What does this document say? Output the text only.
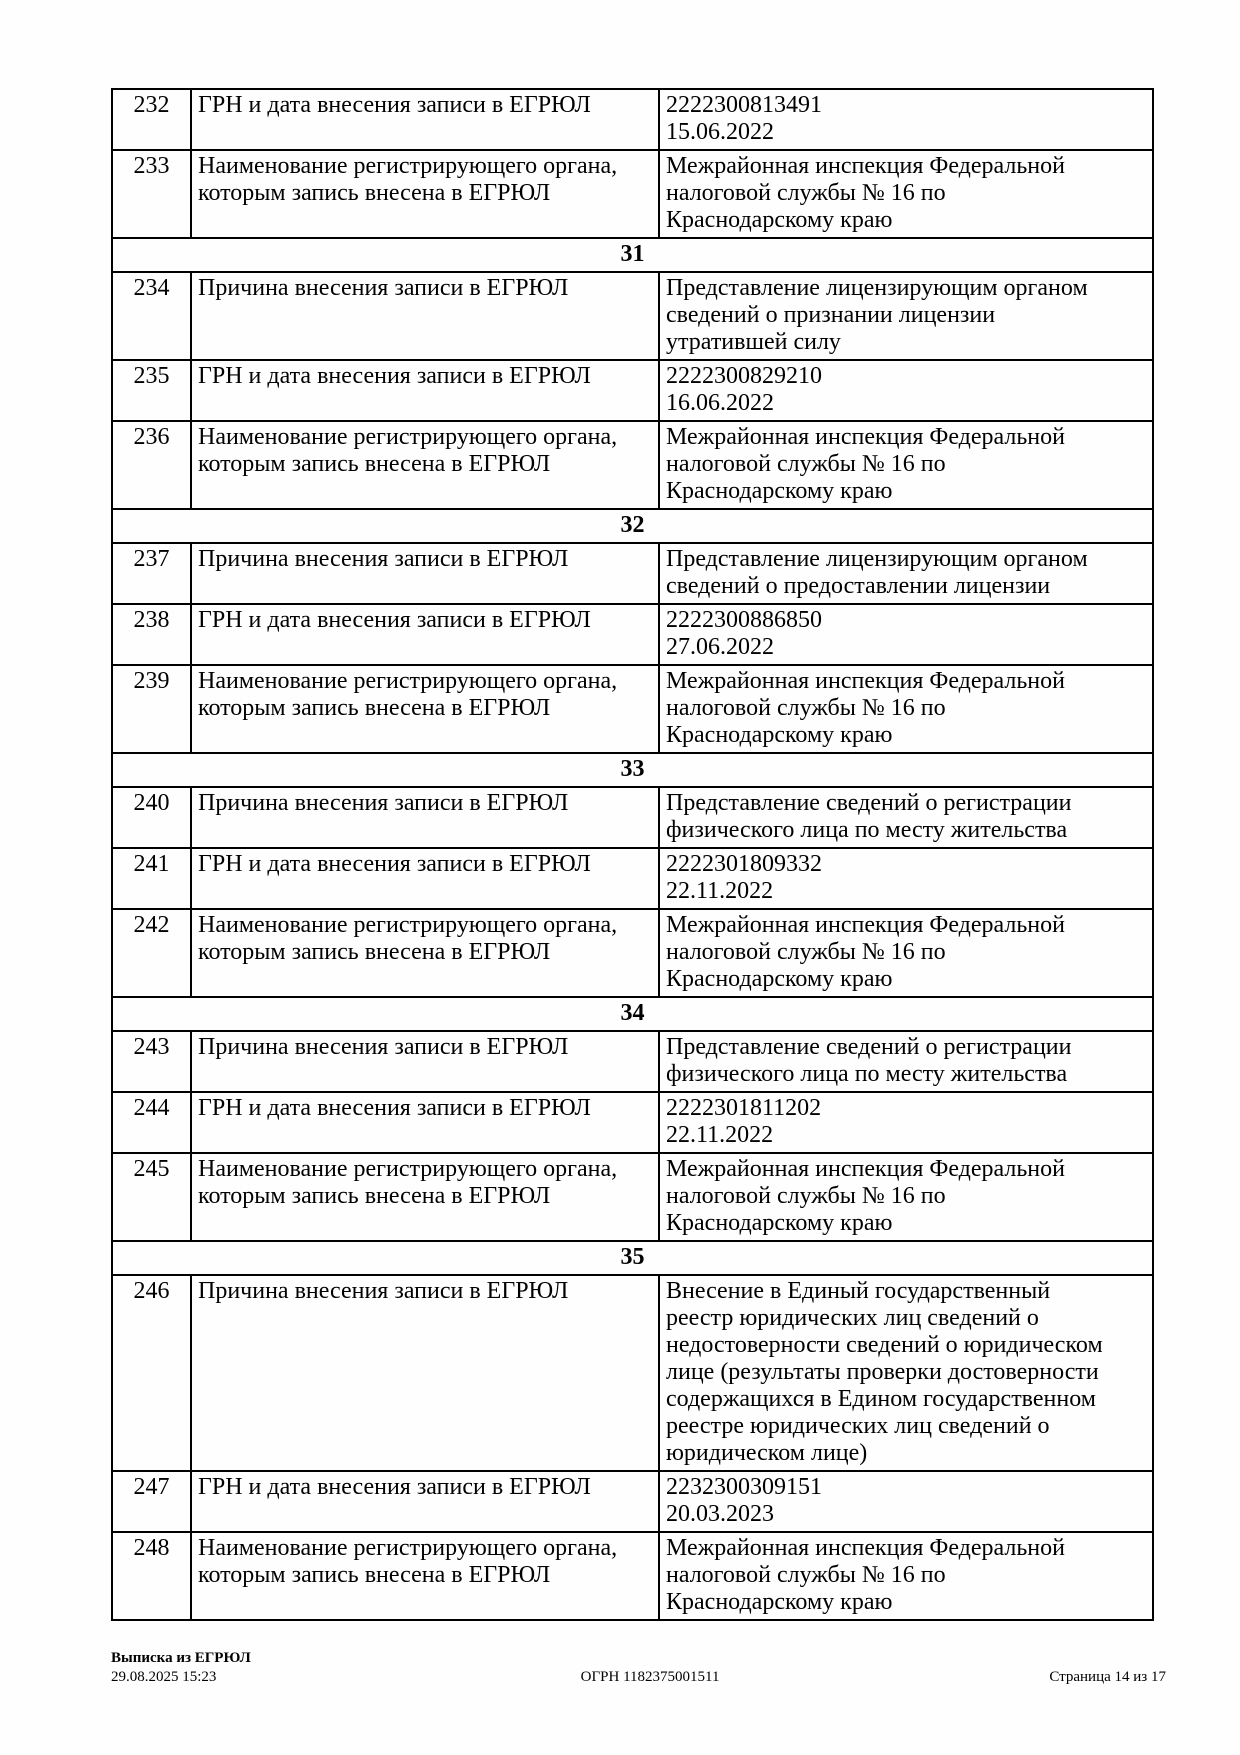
232	ГРН и дата внесения записи в ЕГРЮЛ	2222300813491
15.06.2022
233	Наименование регистрирующего органа,
которым запись внесена в ЕГРЮЛ	Межрайонная инспекция Федеральной
налоговой службы № 16 по
Краснодарскому краю
31		
234	Причина внесения записи в ЕГРЮЛ	Представление лицензирующим органом
сведений о признании лицензии
утратившей силу
235	ГРН и дата внесения записи в ЕГРЮЛ	2222300829210
16.06.2022
236	Наименование регистрирующего органа,
которым запись внесена в ЕГРЮЛ	Межрайонная инспекция Федеральной
налоговой службы № 16 по
Краснодарскому краю
32		
237	Причина внесения записи в ЕГРЮЛ	Представление лицензирующим органом
сведений о предоставлении лицензии
238	ГРН и дата внесения записи в ЕГРЮЛ	2222300886850
27.06.2022
239	Наименование регистрирующего органа,
которым запись внесена в ЕГРЮЛ	Межрайонная инспекция Федеральной
налоговой службы № 16 по
Краснодарскому краю
33		
240	Причина внесения записи в ЕГРЮЛ	Представление сведений о регистрации
физического лица по месту жительства
241	ГРН и дата внесения записи в ЕГРЮЛ	2222301809332
22.11.2022
242	Наименование регистрирующего органа,
которым запись внесена в ЕГРЮЛ	Межрайонная инспекция Федеральной
налоговой службы № 16 по
Краснодарскому краю
34		
243	Причина внесения записи в ЕГРЮЛ	Представление сведений о регистрации
физического лица по месту жительства
244	ГРН и дата внесения записи в ЕГРЮЛ	2222301811202
22.11.2022
245	Наименование регистрирующего органа,
которым запись внесена в ЕГРЮЛ	Межрайонная инспекция Федеральной
налоговой службы № 16 по
Краснодарскому краю
35		
246	Причина внесения записи в ЕГРЮЛ	Внесение в Единый государственный
реестр юридических лиц сведений о
недостоверности сведений о юридическом
лице (результаты проверки достоверности
содержащихся в Едином государственном
реестре юридических лиц сведений о
юридическом лице)
247	ГРН и дата внесения записи в ЕГРЮЛ	2232300309151
20.03.2023
248	Наименование регистрирующего органа,
которым запись внесена в ЕГРЮЛ	Межрайонная инспекция Федеральной
налоговой службы № 16 по
Краснодарскому краю
Выписка из ЕГРЮЛ
29.08.2025 15:23	ОГРН 1182375001511	Страница 14 из 17
